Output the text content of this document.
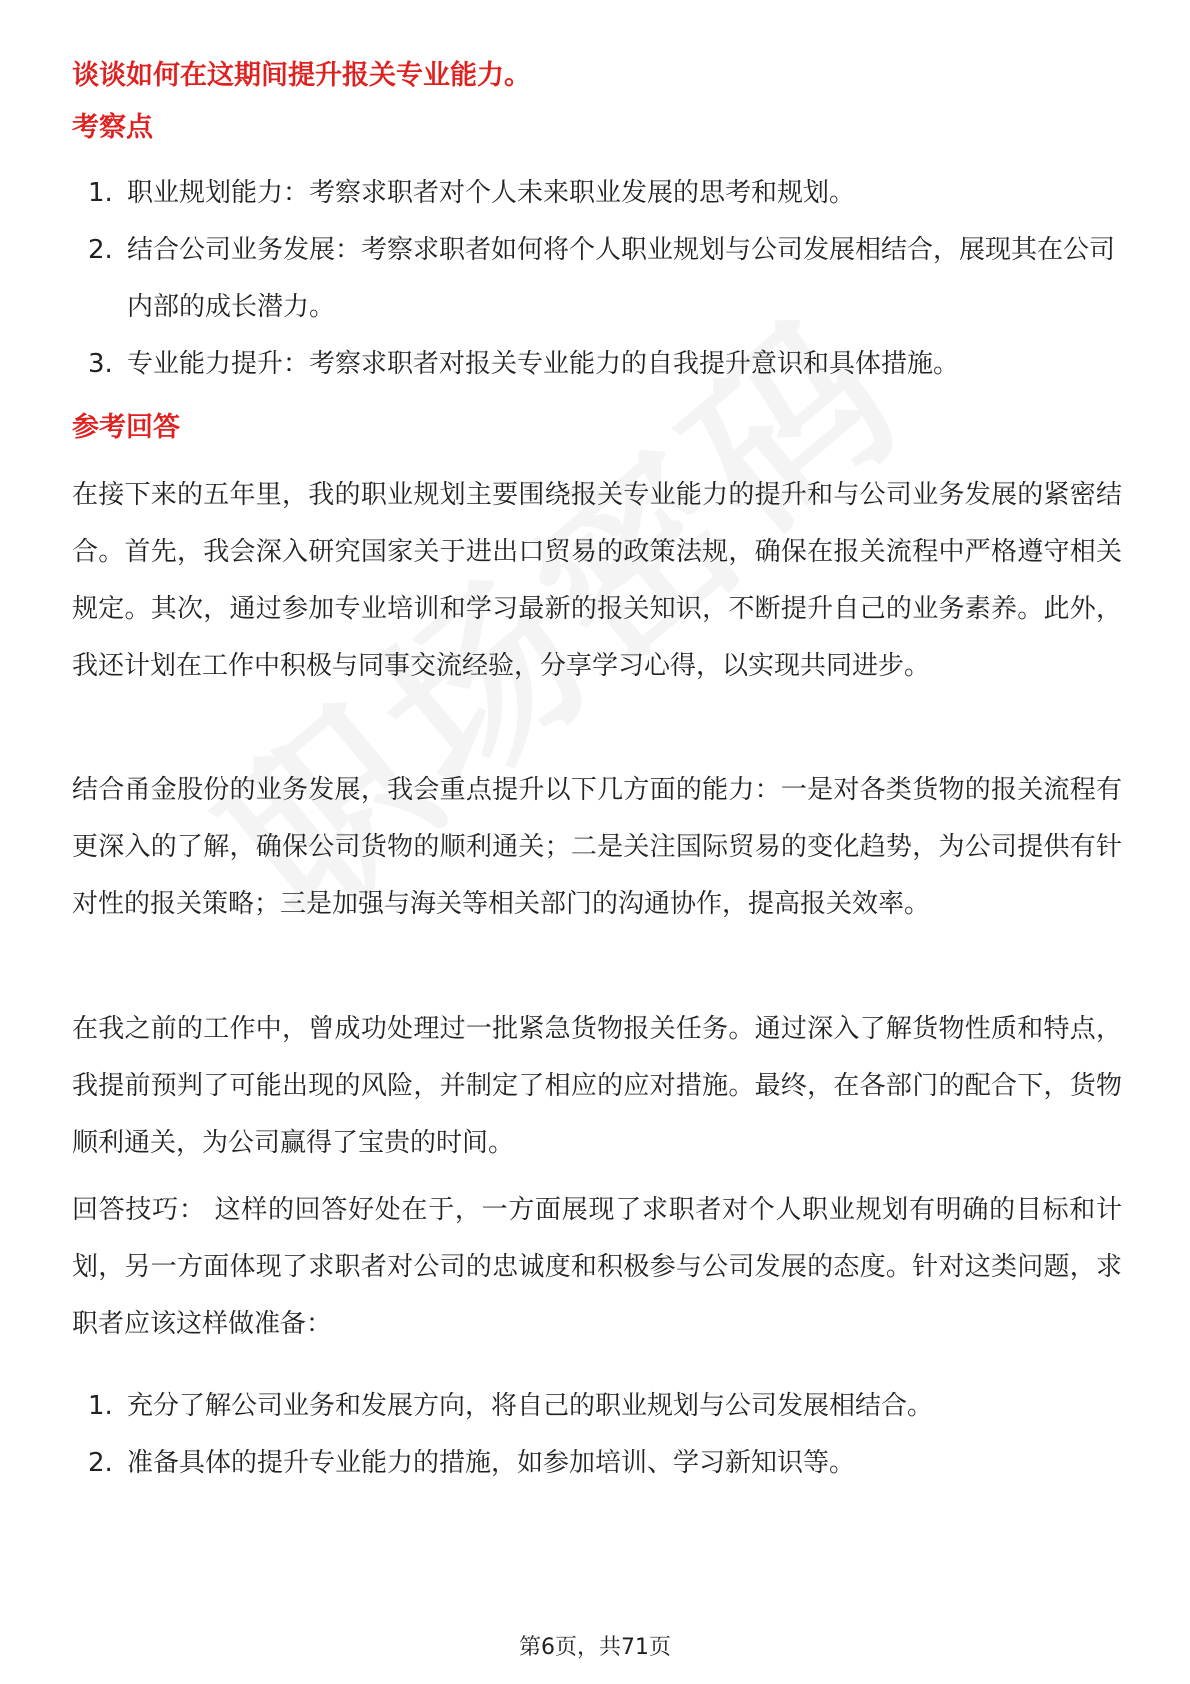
谈谈如何在这期间提升报关专业能力。
考察点
1. 职业规划能力：考察求职者对个人未来职业发展的思考和规划。
2. 结合公司业务发展：考察求职者如何将个人职业规划与公司发展相结合，展现其在公司内部的成长潜力。
3. 专业能力提升：考察求职者对报关专业能力的自我提升意识和具体措施。
参考回答

在接下来的五年里，我的职业规划主要围绕报关专业能力的提升和与公司业务发展的紧密结合。首先，我会深入研究国家关于进出口贸易的政策法规，确保在报关流程中严格遵守相关规定。其次，通过参加专业培训和学习最新的报关知识，不断提升自己的业务素养。此外，我还计划在工作中积极与同事交流经验，分享学习心得，以实现共同进步。

结合甬金股份的业务发展，我会重点提升以下几方面的能力：一是对各类货物的报关流程有更深入的了解，确保公司货物的顺利通关；二是关注国际贸易的变化趋势，为公司提供有针对性的报关策略；三是加强与海关等相关部门的沟通协作，提高报关效率。

在我之前的工作中，曾成功处理过一批紧急货物报关任务。通过深入了解货物性质和特点，我提前预判了可能出现的风险，并制定了相应的应对措施。最终，在各部门的配合下，货物顺利通关，为公司赢得了宝贵的时间。

回答技巧： 这样的回答好处在于，一方面展现了求职者对个人职业规划有明确的目标和计划，另一方面体现了求职者对公司的忠诚度和积极参与公司发展的态度。针对这类问题，求职者应该这样做准备：

1. 充分了解公司业务和发展方向，将自己的职业规划与公司发展相结合。
2. 准备具体的提升专业能力的措施，如参加培训、学习新知识等。
第6页，共71页
